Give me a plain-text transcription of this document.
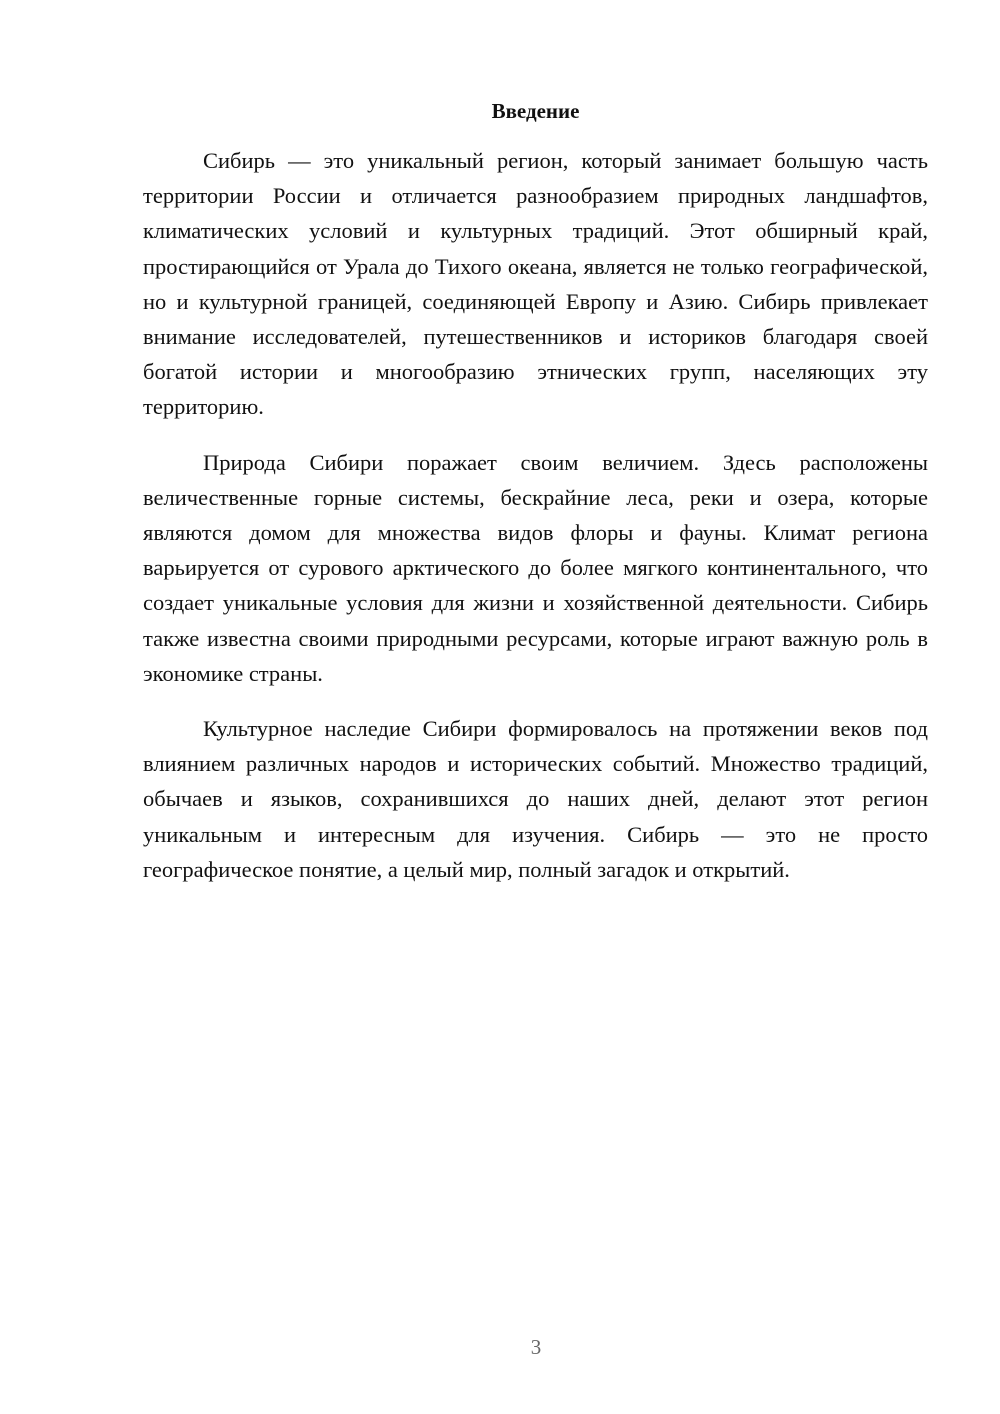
Введение

Сибирь — это уникальный регион, который занимает большую часть территории России и отличается разнообразием природных ландшафтов, климатических условий и культурных традиций. Этот обширный край, простирающийся от Урала до Тихого океана, является не только географической, но и культурной границей, соединяющей Европу и Азию. Сибирь привлекает внимание исследователей, путешественников и историков благодаря своей богатой истории и многообразию этнических групп, населяющих эту территорию.

Природа Сибири поражает своим величием. Здесь расположены величественные горные системы, бескрайние леса, реки и озера, которые являются домом для множества видов флоры и фауны. Климат региона варьируется от сурового арктического до более мягкого континентального, что создает уникальные условия для жизни и хозяйственной деятельности. Сибирь также известна своими природными ресурсами, которые играют важную роль в экономике страны.

Культурное наследие Сибири формировалось на протяжении веков под влиянием различных народов и исторических событий. Множество традиций, обычаев и языков, сохранившихся до наших дней, делают этот регион уникальным и интересным для изучения. Сибирь — это не просто географическое понятие, а целый мир, полный загадок и открытий.

3
